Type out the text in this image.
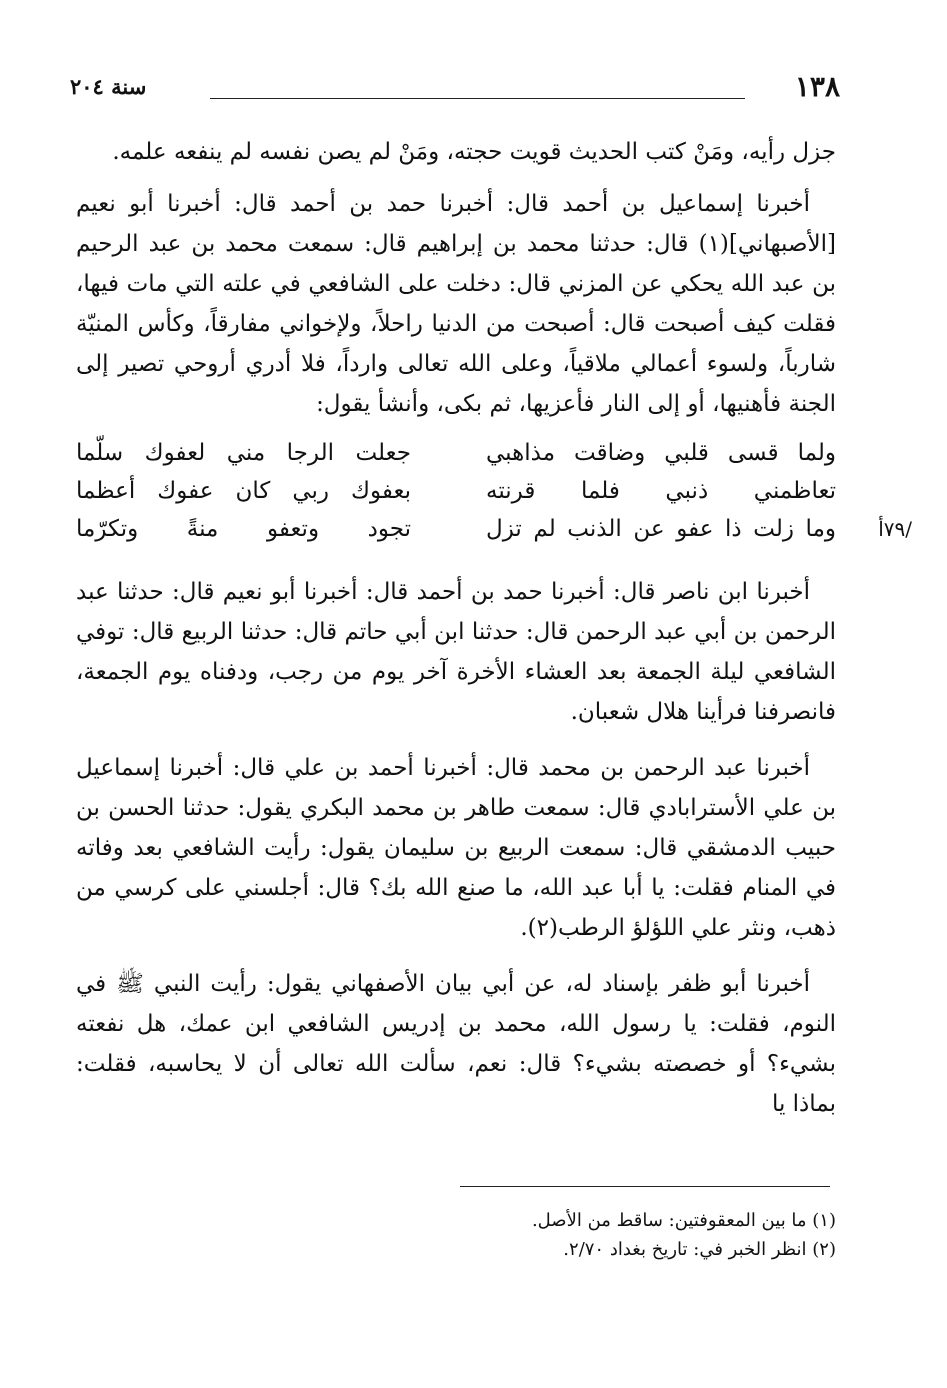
١٣٨
سنة ٢٠٤

جزل رأيه، ومَنْ كتب الحديث قويت حجته، ومَنْ لم يصن نفسه لم ينفعه علمه.

أخبرنا إسماعيل بن أحمد قال: أخبرنا حمد بن أحمد قال: أخبرنا أبو نعيم [الأصبهاني](١) قال: حدثنا محمد بن إبراهيم قال: سمعت محمد بن عبد الرحيم بن عبد الله يحكي عن المزني قال: دخلت على الشافعي في علته التي مات فيها، فقلت كيف أصبحت قال: أصبحت من الدنيا راحلاً، ولإخواني مفارقاً، وكأس المنيّة شارباً، ولسوء أعمالي ملاقياً، وعلى الله تعالى وارداً، فلا أدري أروحي تصير إلى الجنة فأهنيها، أو إلى النار فأعزيها، ثم بكى، وأنشأ يقول:

ولما قسى قلبي وضاقت مذاهبي
جعلت الرجا مني لعفوك سلّما
تعاظمني ذنبي فلما قرنته
بعفوك ربي كان عفوك أعظما
/٧٩أ
وما زلت ذا عفو عن الذنب لم تزل
تجود وتعفو منةً وتكرّما

أخبرنا ابن ناصر قال: أخبرنا حمد بن أحمد قال: أخبرنا أبو نعيم قال: حدثنا عبد الرحمن بن أبي عبد الرحمن قال: حدثنا ابن أبي حاتم قال: حدثنا الربيع قال: توفي الشافعي ليلة الجمعة بعد العشاء الأخرة آخر يوم من رجب، ودفناه يوم الجمعة، فانصرفنا فرأينا هلال شعبان.

أخبرنا عبد الرحمن بن محمد قال: أخبرنا أحمد بن علي قال: أخبرنا إسماعيل بن علي الأسترابادي قال: سمعت طاهر بن محمد البكري يقول: حدثنا الحسن بن حبيب الدمشقي قال: سمعت الربيع بن سليمان يقول: رأيت الشافعي بعد وفاته في المنام فقلت: يا أبا عبد الله، ما صنع الله بك؟ قال: أجلسني على كرسي من ذهب، ونثر علي اللؤلؤ الرطب(٢).

أخبرنا أبو ظفر بإسناد له، عن أبي بيان الأصفهاني يقول: رأيت النبي ﷺ في النوم، فقلت: يا رسول الله، محمد بن إدريس الشافعي ابن عمك، هل نفعته بشيء؟ أو خصصته بشيء؟ قال: نعم، سألت الله تعالى أن لا يحاسبه، فقلت: بماذا يا

(١) ما بين المعقوفتين: ساقط من الأصل.

(٢) انظر الخبر في: تاريخ بغداد ٢/٧٠.
